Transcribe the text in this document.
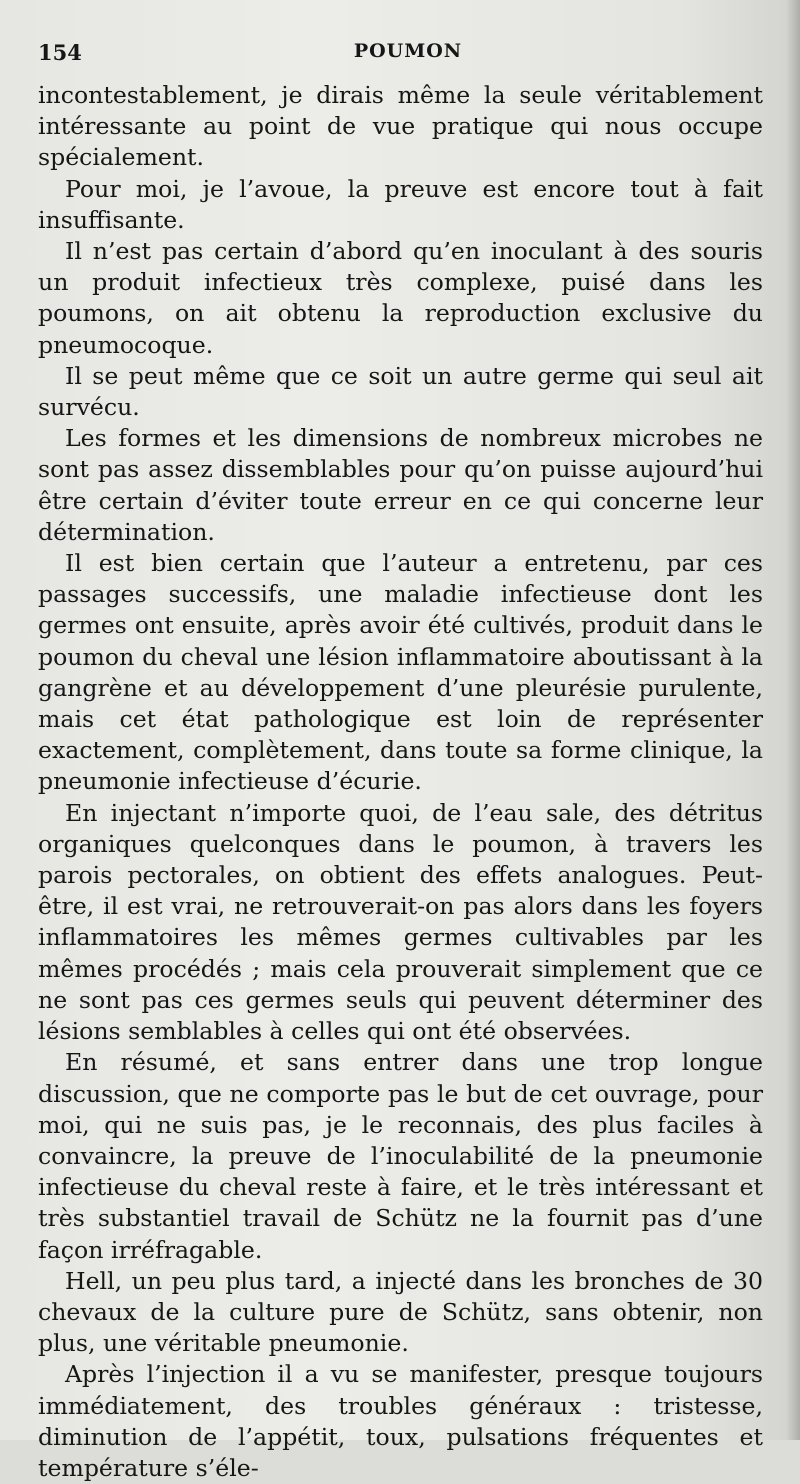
154	POUMON

incontestablement, je dirais même la seule véritablement intéressante au point de vue pratique qui nous occupe spécialement.

Pour moi, je l’avoue, la preuve est encore tout à fait insuffisante.

Il n’est pas certain d’abord qu’en inoculant à des souris un produit infectieux très complexe, puisé dans les poumons, on ait obtenu la reproduction exclusive du pneumocoque.

Il se peut même que ce soit un autre germe qui seul ait survécu.

Les formes et les dimensions de nombreux microbes ne sont pas assez dissemblables pour qu’on puisse aujourd’hui être certain d’éviter toute erreur en ce qui concerne leur détermination.

Il est bien certain que l’auteur a entretenu, par ces passages successifs, une maladie infectieuse dont les germes ont ensuite, après avoir été cultivés, produit dans le poumon du cheval une lésion inflammatoire aboutissant à la gangrène et au développement d’une pleurésie purulente, mais cet état pathologique est loin de représenter exactement, complètement, dans toute sa forme clinique, la pneumonie infectieuse d’écurie.

En injectant n’importe quoi, de l’eau sale, des détritus organiques quelconques dans le poumon, à travers les parois pectorales, on obtient des effets analogues. Peut-être, il est vrai, ne retrouverait-on pas alors dans les foyers inflammatoires les mêmes germes cultivables par les mêmes procédés ; mais cela prouverait simplement que ce ne sont pas ces germes seuls qui peuvent déterminer des lésions semblables à celles qui ont été observées.

En résumé, et sans entrer dans une trop longue discussion, que ne comporte pas le but de cet ouvrage, pour moi, qui ne suis pas, je le reconnais, des plus faciles à convaincre, la preuve de l’inoculabilité de la pneumonie infectieuse du cheval reste à faire, et le très intéressant et très substantiel travail de Schütz ne la fournit pas d’une façon irréfragable.

Hell, un peu plus tard, a injecté dans les bronches de 30 chevaux de la culture pure de Schütz, sans obtenir, non plus, une véritable pneumonie.

Après l’injection il a vu se manifester, presque toujours immédiatement, des troubles généraux : tristesse, diminution de l’appétit, toux, pulsations fréquentes et température s’éle-
